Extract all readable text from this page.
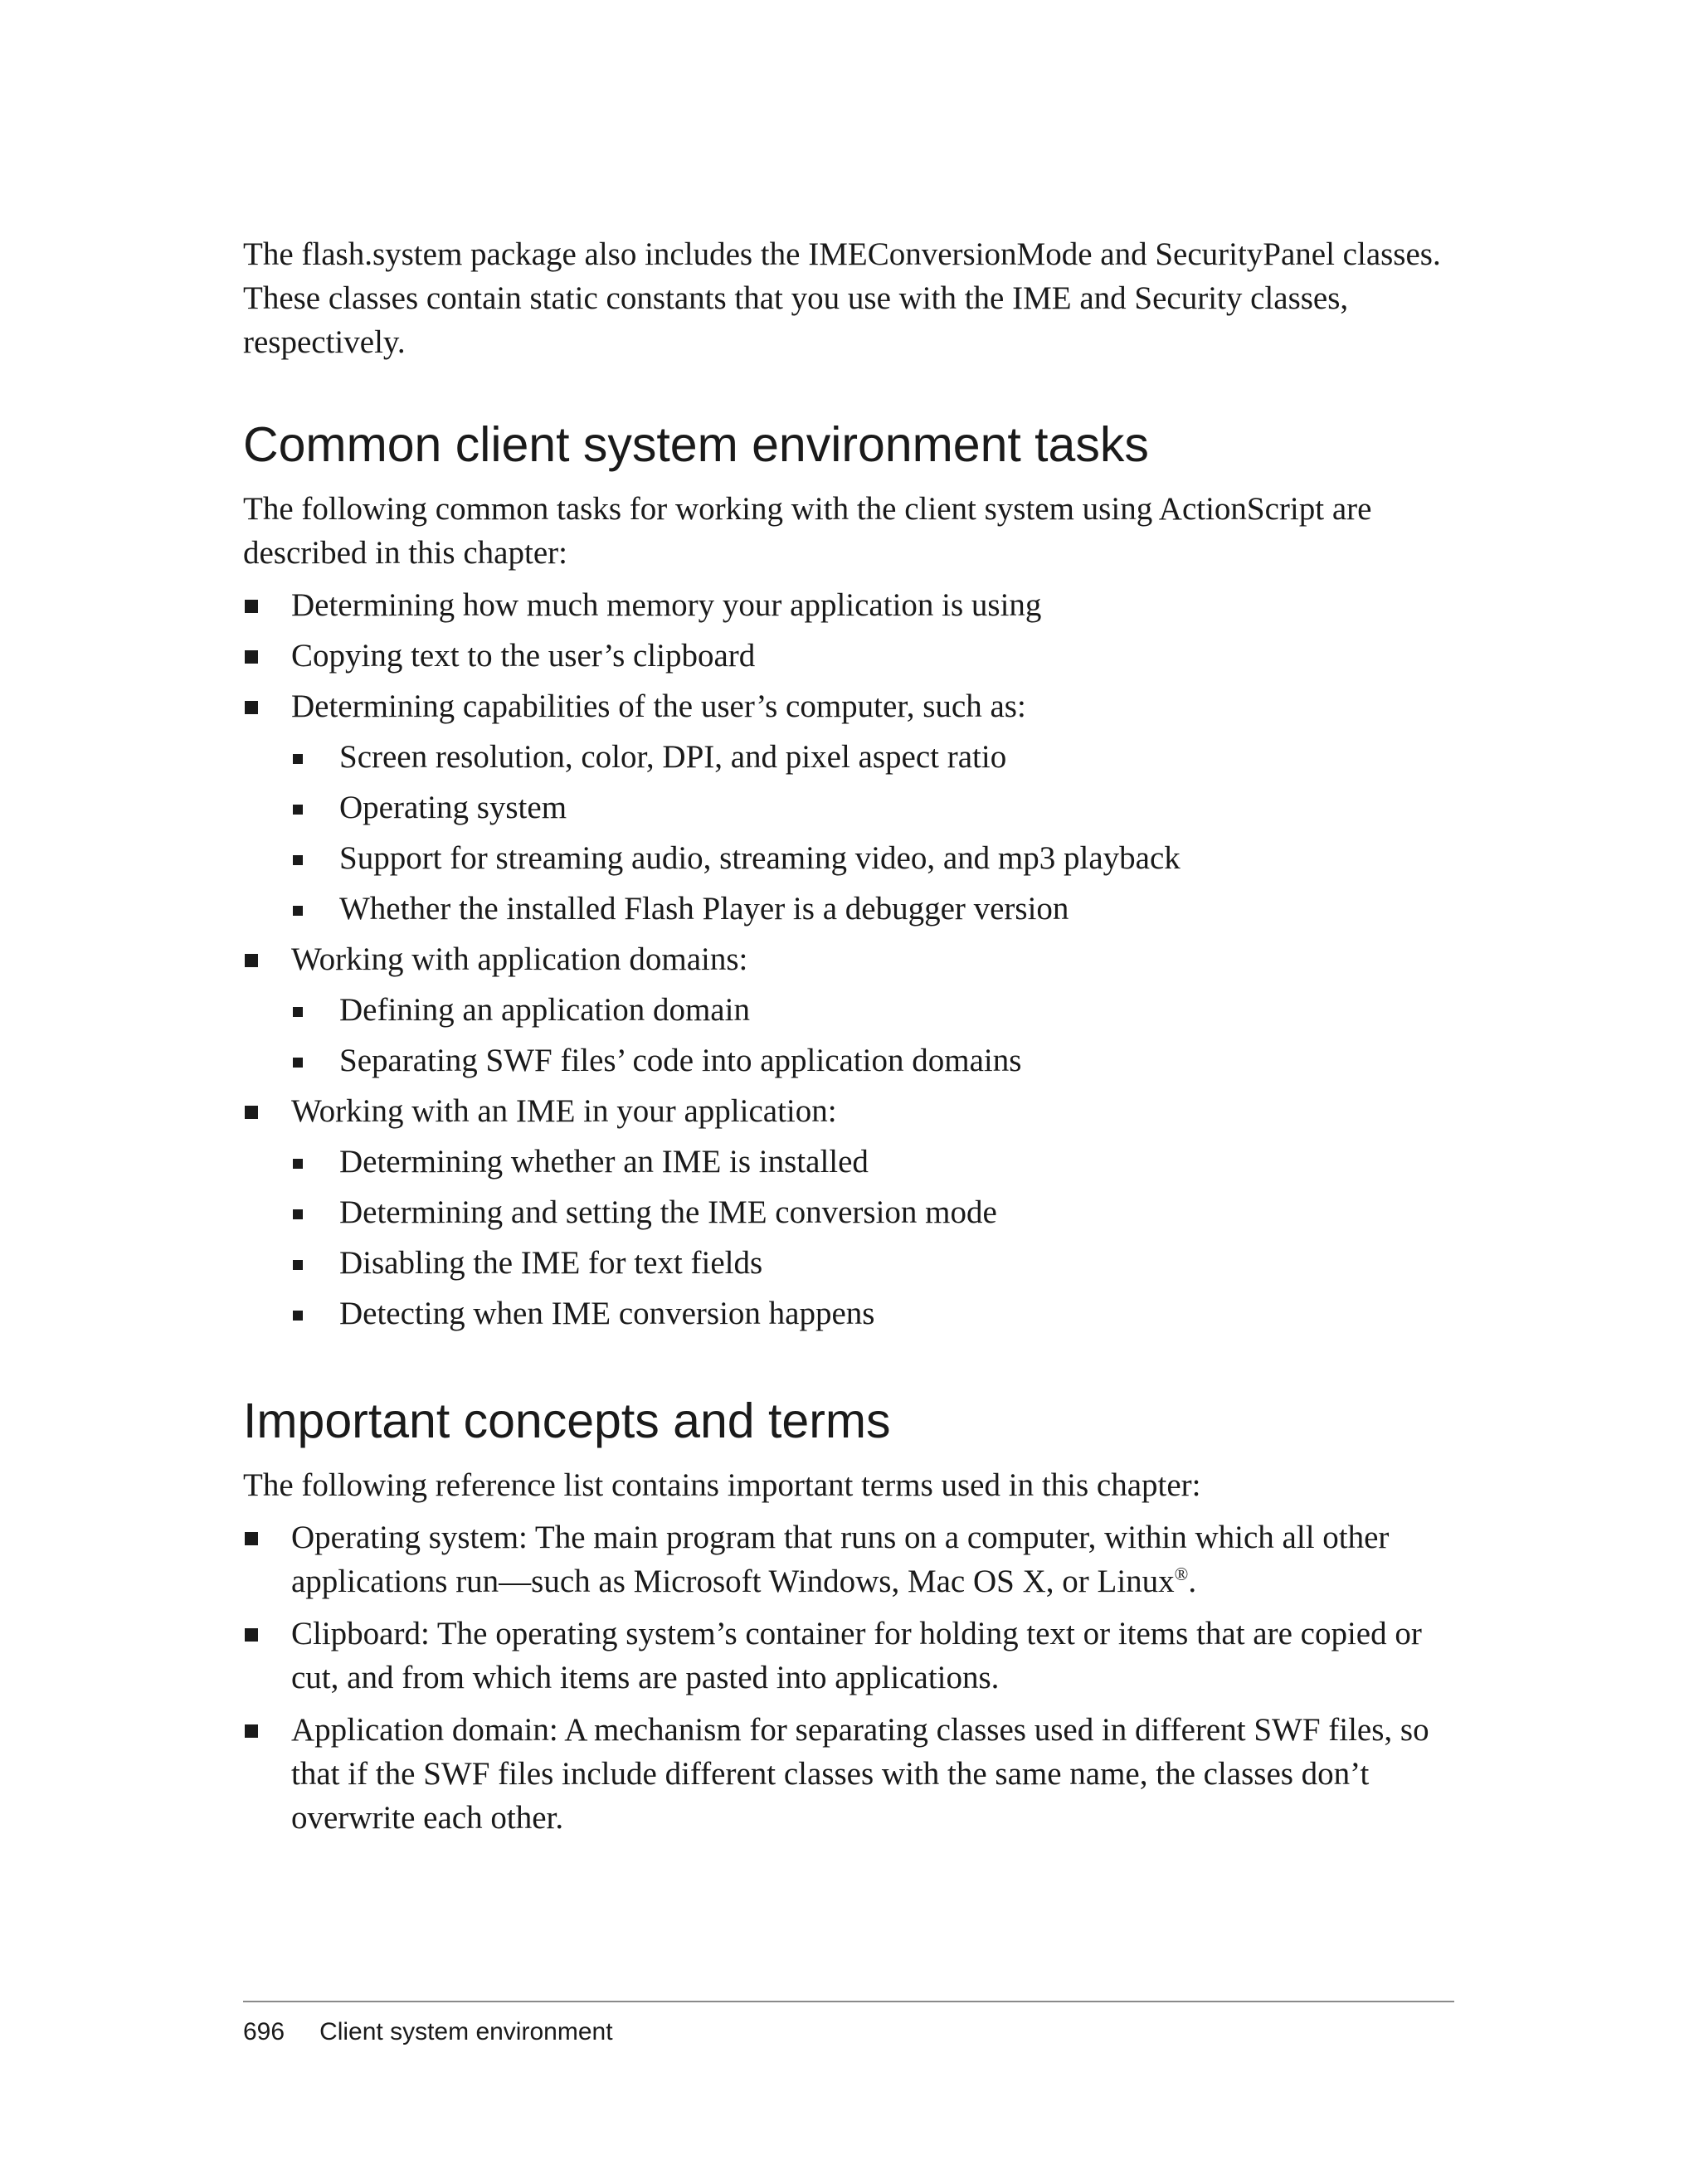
The flash.system package also includes the IMEConversionMode and SecurityPanel classes. These classes contain static constants that you use with the IME and Security classes, respectively.

Common client system environment tasks

The following common tasks for working with the client system using ActionScript are described in this chapter:

Determining how much memory your application is using
Copying text to the user’s clipboard
Determining capabilities of the user’s computer, such as:
Screen resolution, color, DPI, and pixel aspect ratio
Operating system
Support for streaming audio, streaming video, and mp3 playback
Whether the installed Flash Player is a debugger version
Working with application domains:
Defining an application domain
Separating SWF files’ code into application domains
Working with an IME in your application:
Determining whether an IME is installed
Determining and setting the IME conversion mode
Disabling the IME for text fields
Detecting when IME conversion happens
Important concepts and terms

The following reference list contains important terms used in this chapter:

Operating system: The main program that runs on a computer, within which all other applications run—such as Microsoft Windows, Mac OS X, or Linux®.
Clipboard: The operating system’s container for holding text or items that are copied or cut, and from which items are pasted into applications.
Application domain: A mechanism for separating classes used in different SWF files, so that if the SWF files include different classes with the same name, the classes don’t overwrite each other.
696 Client system environment
